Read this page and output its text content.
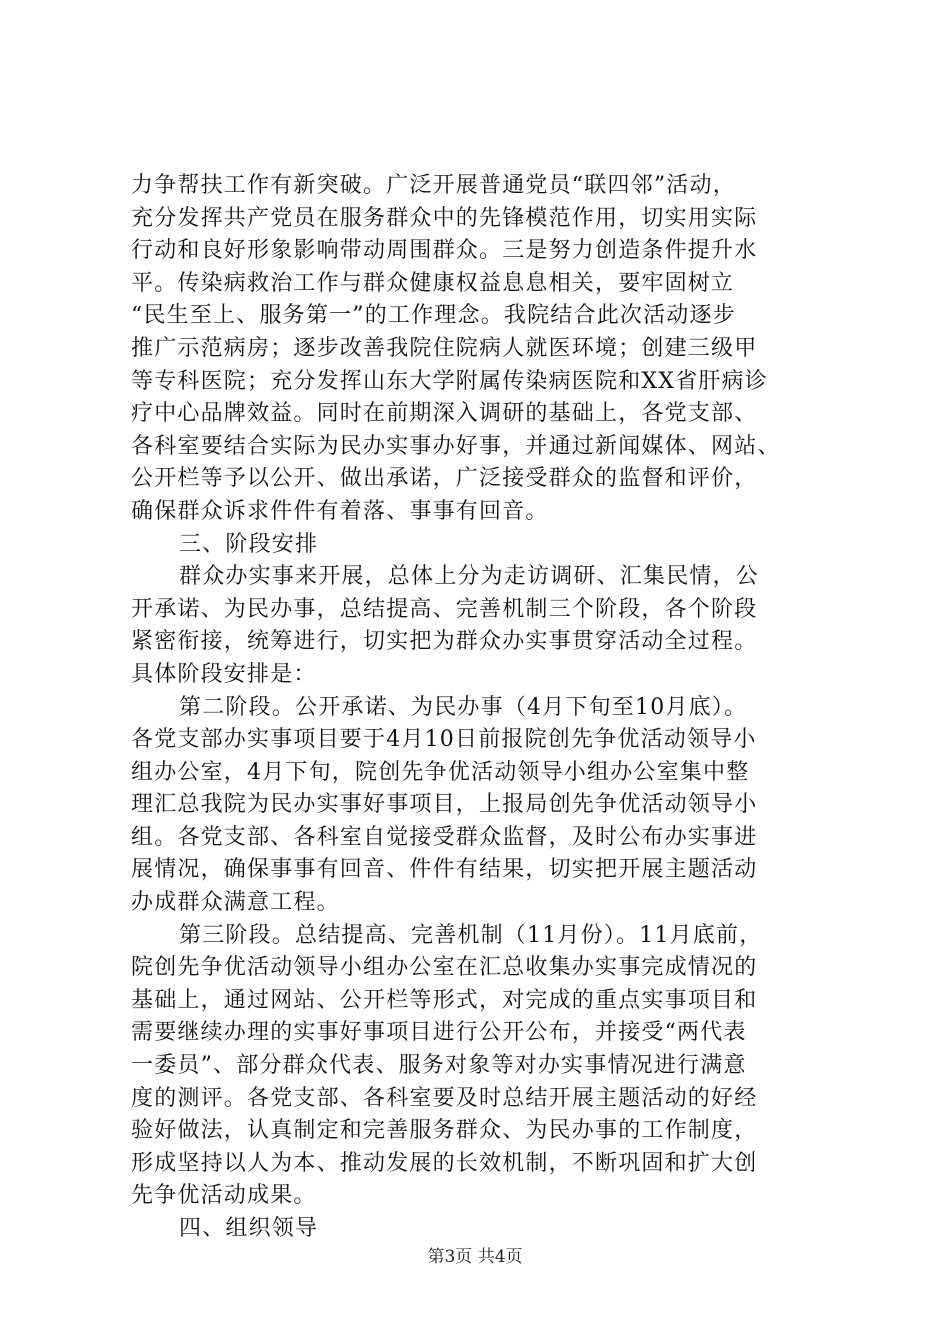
力争帮扶工作有新突破。广泛开展普通党员“联四邻”活动，
充分发挥共产党员在服务群众中的先锋模范作用，切实用实际
行动和良好形象影响带动周围群众。三是努力创造条件提升水
平。传染病救治工作与群众健康权益息息相关，要牢固树立
“民生至上、服务第一”的工作理念。我院结合此次活动逐步
推广示范病房；逐步改善我院住院病人就医环境；创建三级甲
等专科医院；充分发挥山东大学附属传染病医院和XX省肝病诊
疗中心品牌效益。同时在前期深入调研的基础上，各党支部、
各科室要结合实际为民办实事办好事，并通过新闻媒体、网站、
公开栏等予以公开、做出承诺，广泛接受群众的监督和评价，
确保群众诉求件件有着落、事事有回音。

三、阶段安排

群众办实事来开展，总体上分为走访调研、汇集民情，公
开承诺、为民办事，总结提高、完善机制三个阶段，各个阶段
紧密衔接，统筹进行，切实把为群众办实事贯穿活动全过程。
具体阶段安排是：

第二阶段。公开承诺、为民办事（4月下旬至10月底）。
各党支部办实事项目要于4月10日前报院创先争优活动领导小
组办公室，4月下旬，院创先争优活动领导小组办公室集中整
理汇总我院为民办实事好事项目，上报局创先争优活动领导小
组。各党支部、各科室自觉接受群众监督，及时公布办实事进
展情况，确保事事有回音、件件有结果，切实把开展主题活动
办成群众满意工程。

第三阶段。总结提高、完善机制（11月份）。11月底前，
院创先争优活动领导小组办公室在汇总收集办实事完成情况的
基础上，通过网站、公开栏等形式，对完成的重点实事项目和
需要继续办理的实事好事项目进行公开公布，并接受“两代表
一委员”、部分群众代表、服务对象等对办实事情况进行满意
度的测评。各党支部、各科室要及时总结开展主题活动的好经
验好做法，认真制定和完善服务群众、为民办事的工作制度，
形成坚持以人为本、推动发展的长效机制，不断巩固和扩大创
先争优活动成果。

四、组织领导

第3页 共4页
